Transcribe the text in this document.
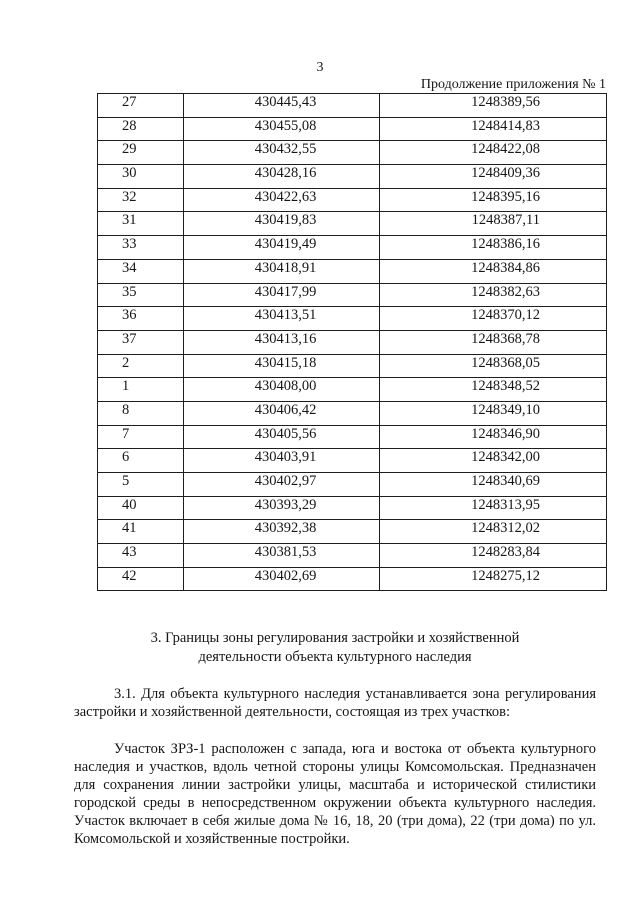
3
Продолжение приложения № 1
27	430445,43	1248389,56
28	430455,08	1248414,83
29	430432,55	1248422,08
30	430428,16	1248409,36
32	430422,63	1248395,16
31	430419,83	1248387,11
33	430419,49	1248386,16
34	430418,91	1248384,86
35	430417,99	1248382,63
36	430413,51	1248370,12
37	430413,16	1248368,78
2	430415,18	1248368,05
1	430408,00	1248348,52
8	430406,42	1248349,10
7	430405,56	1248346,90
6	430403,91	1248342,00
5	430402,97	1248340,69
40	430393,29	1248313,95
41	430392,38	1248312,02
43	430381,53	1248283,84
42	430402,69	1248275,12
3. Границы зоны регулирования застройки и хозяйственной
деятельности объекта культурного наследия
3.1. Для объекта культурного наследия устанавливается зона регулирования застройки и хозяйственной деятельности, состоящая из трех участков:
Участок ЗРЗ-1 расположен с запада, юга и востока от объекта культурного наследия и участков, вдоль четной стороны улицы Комсомольская. Предназначен для сохранения линии застройки улицы, масштаба и исторической стилистики городской среды в непосредственном окружении объекта культурного наследия. Участок включает в себя жилые дома № 16, 18, 20 (три дома), 22 (три дома) по ул. Комсомольской и хозяйственные постройки.
